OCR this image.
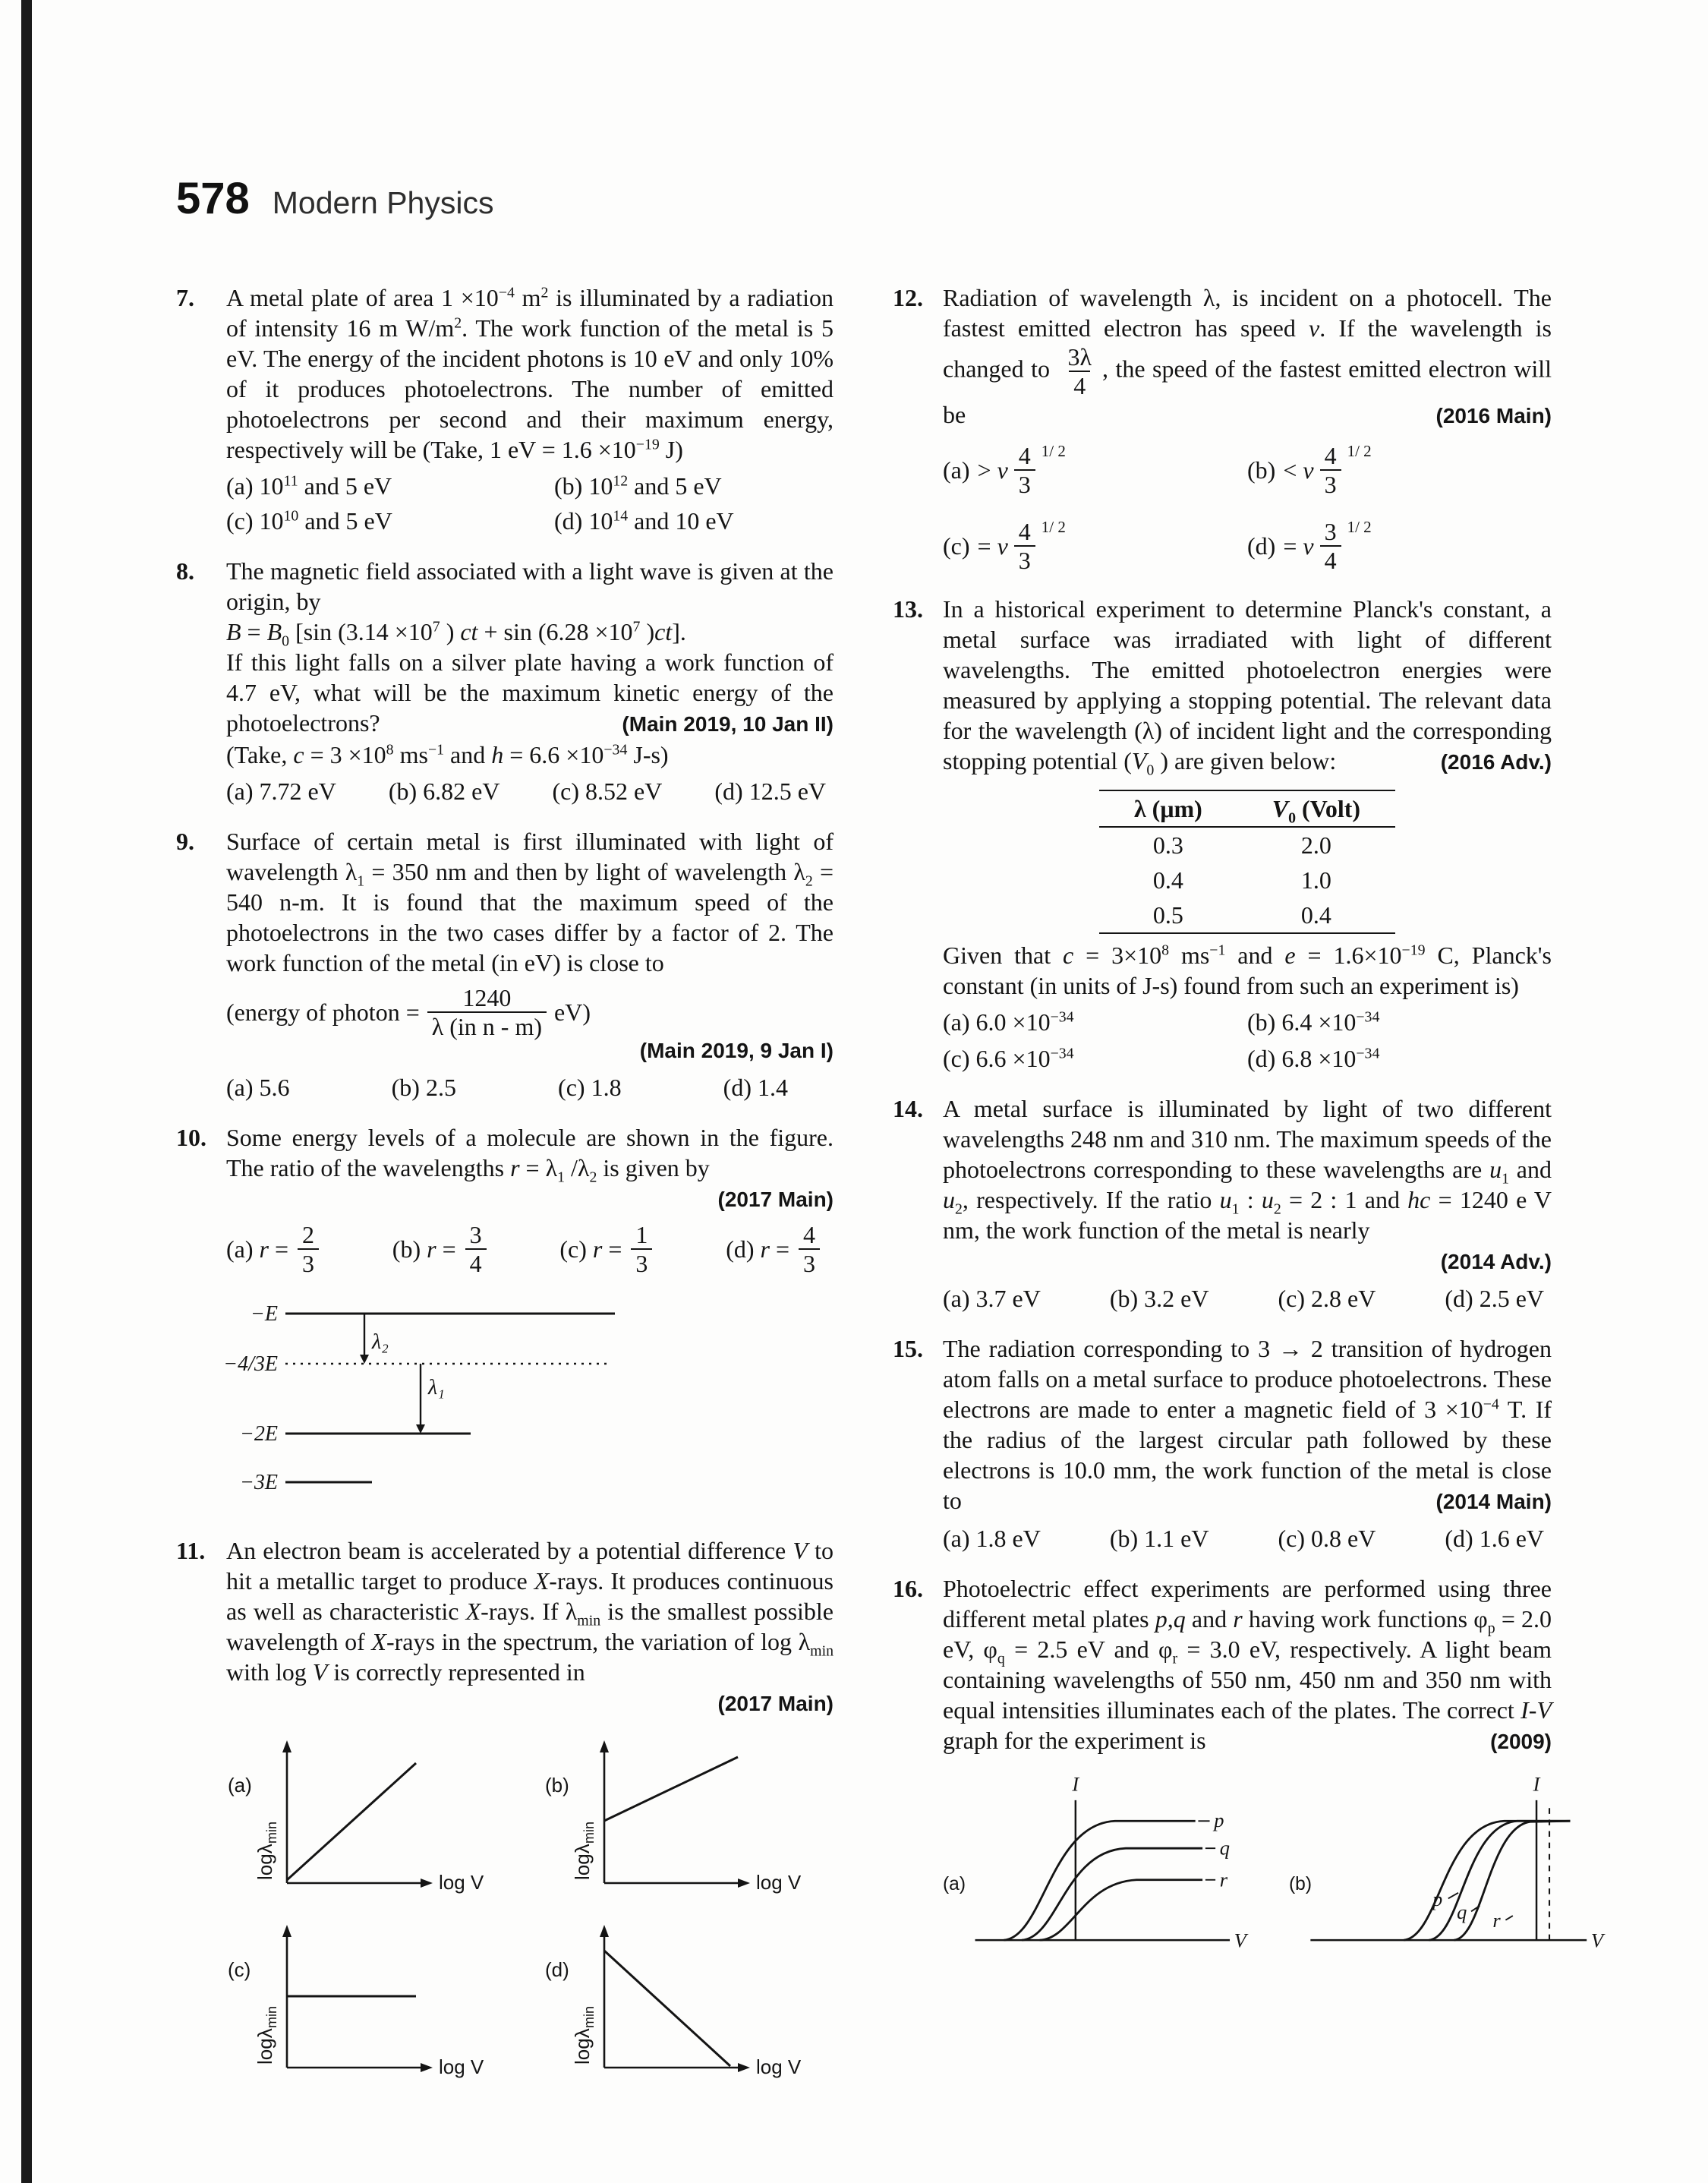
578 Modern Physics
7.	A metal plate of area $1 \times 10^{-4}$ $m^2$ is illuminated by a radiation of intensity 16 m $W/m^2$. The work function of the metal is 5 eV. The energy of the incident photons is 10 eV and only 10% of it produces photoelectrons. The number of emitted photoelectrons per second and their maximum energy, respectively will be (Take, 1 eV = $1.6 \times 10^{-19}$ J)

(a) $10^{11}$ and 5 eV	(b) $10^{12}$ and 5 eV
(c) $10^{10}$ and 5 eV	(d) $10^{14}$ and 10 eV
8.	The magnetic field associated with a light wave is given at the origin, by

$B = B_0$ [sin ($3.14 \times 10^7$ ) ct + $\sin (6.28 \times 10^7$ )ct].

If this light falls on a silver plate having a work function of 4.7 eV, what will be the maximum kinetic energy of the photoelectrons?	(Main 2019, 10 Jan II)

(Take, $c = 3 \times 10^8$ $ms^{-1}$ and $h = 6.6 \times 10^{-34}$ J-s)

(a) 7.72 eV (b) 6.82 eV (c) 8.52 eV (d) 12.5 eV
9.	Surface of certain metal is first illuminated with light of wavelength $\lambda_1 = 350$ nm and then by light of wavelength $\lambda_2 = 540$ n-m. It is found that the maximum speed of the photoelectrons in the two cases differ by a factor of 2. The work function of the metal (in eV) is close to

(energy of photon = $\frac{1240}{\text{λ (in n - m)}} eV$)
(Main 2019, 9 Jan I)
(a) 5.6	(b) 2.5	(c) 1.8	(d) 1.4
10. Some energy levels of a molecule are shown in the figure. The ratio of the wavelengths $r = \lambda_1$ $/\lambda_2$ is given by

(2017 Main)
(a) $r = \frac{2}{3}$	(b) $r = \frac{3}{4}$	(c) $r = \frac{1}{3}$	(d) $r = \frac{4}{3}$
−E
−4/3E
−2E
−3E
λ₂
λ₁
11. An electron beam is accelerated by a potential difference V to hit a metallic target to produce X-rays. It produces continuous as well as characteristic X-rays. If $\lambda_{min}$ is the smallest possible wavelength of X-rays in the spectrum, the variation of $\log \lambda_{min}$ with log V is correctly represented in

(2017 Main)
(a)
logλ
min
log V
(b)
logλ
min
log V
(c)
logλ
min
log V
(d)
logλ
min
log V
12. Radiation of wavelength λ, is incident on a photocell. The fastest emitted electron has speed v. If the wavelength is changed to $\frac{3\lambda}{4}$ , the speed of the fastest emitted electron will be	(2016 Main)
(a) > v $\frac{4}{3} 1/$ 2
(b) < v $\frac{4}{3} 1/$ 2
(c) = v $\frac{4}{3} 1/$ 2
(d) = v $\frac{3}{4} 1/$ 2
13. In a historical experiment to determine Planck's constant, a metal surface was irradiated with light of different wavelengths. The emitted photoelectron energies were measured by applying a stopping potential. The relevant data for the wavelength (λ) of incident light and the corresponding stopping potential ($V_0$ ) are given below:	(2016 Adv.)
λ (μm)	$V_0$ (Volt)
0.3	2.0
0.4	1.0
0.5	0.4

Given that $c = 3\times 10^8$ $ms^{-1}$ and $e = 1.6\times 10^{-19}$ C, Planck's constant (in units of J-s) found from such an experiment is)

(a) $6.0 \times 10^{-34}$	(b) $6.4 \times 10^{-34}$
(c) $6.6 \times 10^{-34}$	(d) $6.8 \times 10^{-34}$
14. A metal surface is illuminated by light of two different wavelengths 248 nm and 310 nm. The maximum speeds of the photoelectrons corresponding to these wavelengths are $u_1$ and $u_2$, respectively. If the ratio $u_1$ : $u_2 = 2$ : 1 and hc = 1240 e V nm, the work function of the metal is nearly

(2014 Adv.)
(a) 3.7 eV	(b) 3.2 eV	(c) 2.8 eV	(d) 2.5 eV
15. The radiation corresponding to 3 → 2 transition of hydrogen atom falls on a metal surface to produce photoelectrons. These electrons are made to enter a magnetic field of $3 \times 10^{-4}$ T. If the radius of the largest circular path followed by these electrons is 10.0 mm, the work function of the metal is close to	(2014 Main)
(a) 1.8 eV	(b) 1.1 eV	(c) 0.8 eV	(d) 1.6 eV
16. Photoelectric effect experiments are performed using three different metal plates p,q and r having work functions $\varphi_p = 2.0$ eV, $\varphi_q = 2.5$ eV and $\varphi_r = 3.0$ eV, respectively. A light beam containing wavelengths of 550 nm, 450 nm and 350 nm with equal intensities illuminates each of the plates. The correct I-V graph for the experiment is	(2009)
(a)
V
I
p
q
r	(b)
V
I
p
q r
